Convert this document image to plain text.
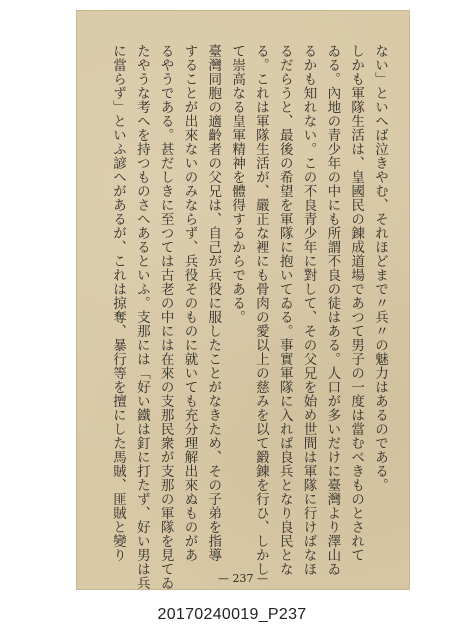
ない」といへば泣きやむ、それほどまで〃兵〃の魅力はあるのである。
しかも軍隊生活は、皇國民の錬成道場であつて男子の一度は當むべきものとされて
ゐる。內地の青少年の中にも所謂不良の徒はある。人口が多いだけに臺灣より澤山ゐ
るかも知れない。この不良青少年に對して、その父兄を始め世間は軍隊に行けばなほ
るだらうと、最後の希望を軍隊に抱いてゐる。事實軍隊に入れば良兵となり良民とな
る。これは軍隊生活が、嚴正な裡にも骨肉の愛以上の慈みを以て鍛錬を行ひ、しかし
て崇高なる皇軍精神を體得するからである。
臺灣同胞の適齡者の父兄は、自己が兵役に服したことがなきため、その子弟を指導
することが出來ないのみならず、兵役そのものに就いても充分理解出來ぬものがあ
るやうである。甚だしきに至つては古老の中には在來の支那民衆が支那の軍隊を見てゐ
たやうな考へを持つものさへあるといふ。支那には「好い鐵は釘に打たず、好い男は兵
に當らず」といふ諺へがあるが、これは掠奪、暴行等を擅にした馬賊、匪賊と變り
— 237 —
20170240019_P237
